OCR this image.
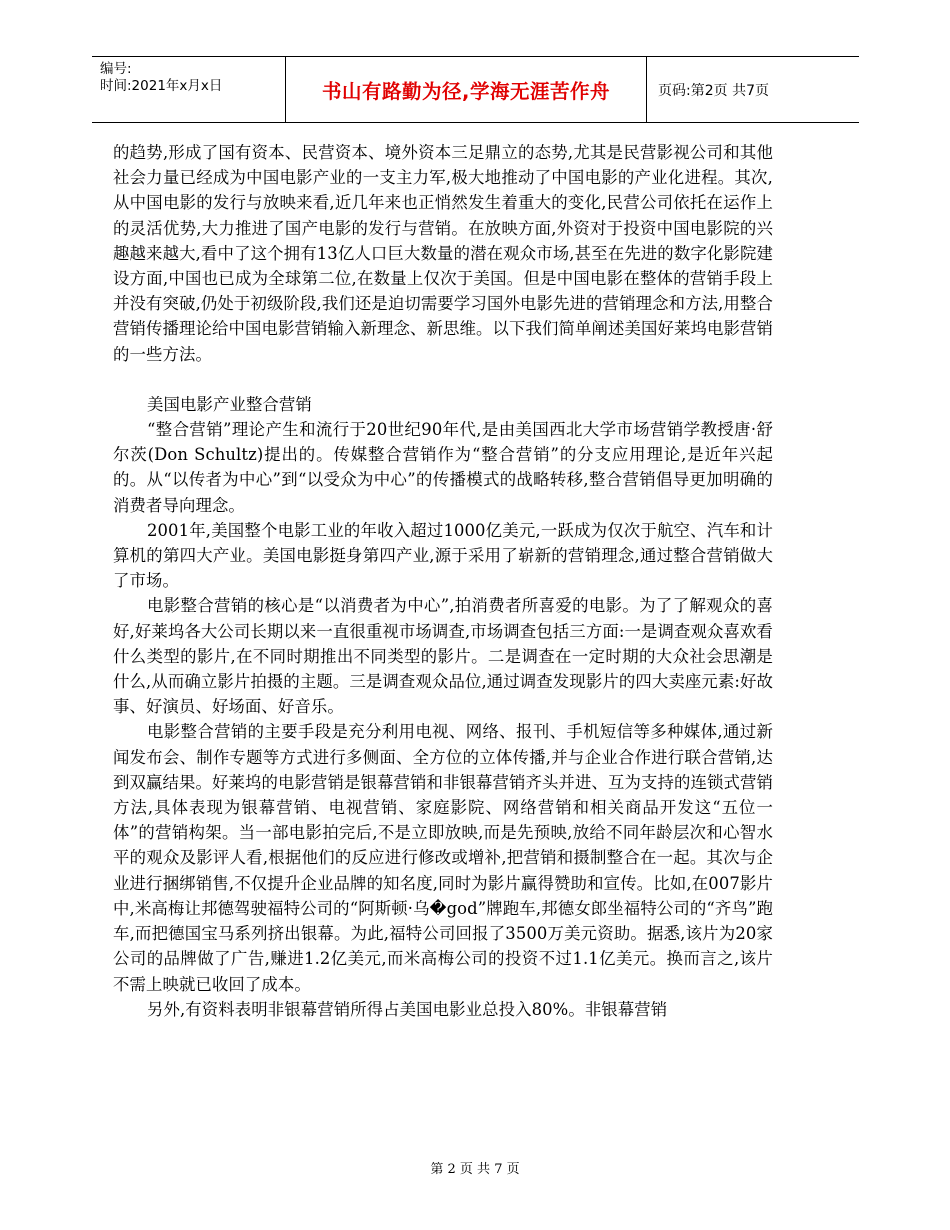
编号:
时间:2021年x月x日	书山有路勤为径,学海无涯苦作舟	页码:第2页 共7页

的趋势,形成了国有资本、民营资本、境外资本三足鼎立的态势,尤其是民营影视公司和其他社会力量已经成为中国电影产业的一支主力军,极大地推动了中国电影的产业化进程。其次,从中国电影的发行与放映来看,近几年来也正悄然发生着重大的变化,民营公司依托在运作上的灵活优势,大力推进了国产电影的发行与营销。在放映方面,外资对于投资中国电影院的兴趣越来越大,看中了这个拥有13亿人口巨大数量的潜在观众市场,甚至在先进的数字化影院建设方面,中国也已成为全球第二位,在数量上仅次于美国。但是中国电影在整体的营销手段上并没有突破,仍处于初级阶段,我们还是迫切需要学习国外电影先进的营销理念和方法,用整合营销传播理论给中国电影营销输入新理念、新思维。以下我们简单阐述美国好莱坞电影营销的一些方法。

美国电影产业整合营销

“整合营销”理论产生和流行于20世纪90年代,是由美国西北大学市场营销学教授唐·舒尔茨(Don Schultz)提出的。传媒整合营销作为“整合营销”的分支应用理论,是近年兴起的。从“以传者为中心”到“以受众为中心”的传播模式的战略转移,整合营销倡导更加明确的消费者导向理念。

2001年,美国整个电影工业的年收入超过1000亿美元,一跃成为仅次于航空、汽车和计算机的第四大产业。美国电影挺身第四产业,源于采用了崭新的营销理念,通过整合营销做大了市场。

电影整合营销的核心是“以消费者为中心”,拍消费者所喜爱的电影。为了了解观众的喜好,好莱坞各大公司长期以来一直很重视市场调查,市场调查包括三方面:一是调查观众喜欢看什么类型的影片,在不同时期推出不同类型的影片。二是调查在一定时期的大众社会思潮是什么,从而确立影片拍摄的主题。三是调查观众品位,通过调查发现影片的四大卖座元素:好故事、好演员、好场面、好音乐。

电影整合营销的主要手段是充分利用电视、网络、报刊、手机短信等多种媒体,通过新闻发布会、制作专题等方式进行多侧面、全方位的立体传播,并与企业合作进行联合营销,达到双赢结果。好莱坞的电影营销是银幕营销和非银幕营销齐头并进、互为支持的连锁式营销方法,具体表现为银幕营销、电视营销、家庭影院、网络营销和相关商品开发这“五位一体”的营销构架。当一部电影拍完后,不是立即放映,而是先预映,放给不同年龄层次和心智水平的观众及影评人看,根据他们的反应进行修改或增补,把营销和摄制整合在一起。其次与企业进行捆绑销售,不仅提升企业品牌的知名度,同时为影片赢得赞助和宣传。比如,在007影片中,米高梅让邦德驾驶福特公司的“阿斯顿·乌�god”牌跑车,邦德女郎坐福特公司的“齐鸟”跑车,而把德国宝马系列挤出银幕。为此,福特公司回报了3500万美元资助。据悉,该片为20家公司的品牌做了广告,赚进1.2亿美元,而米高梅公司的投资不过1.1亿美元。换而言之,该片不需上映就已收回了成本。

另外,有资料表明非银幕营销所得占美国电影业总投入80%。非银幕营销

第 2 页 共 7 页
